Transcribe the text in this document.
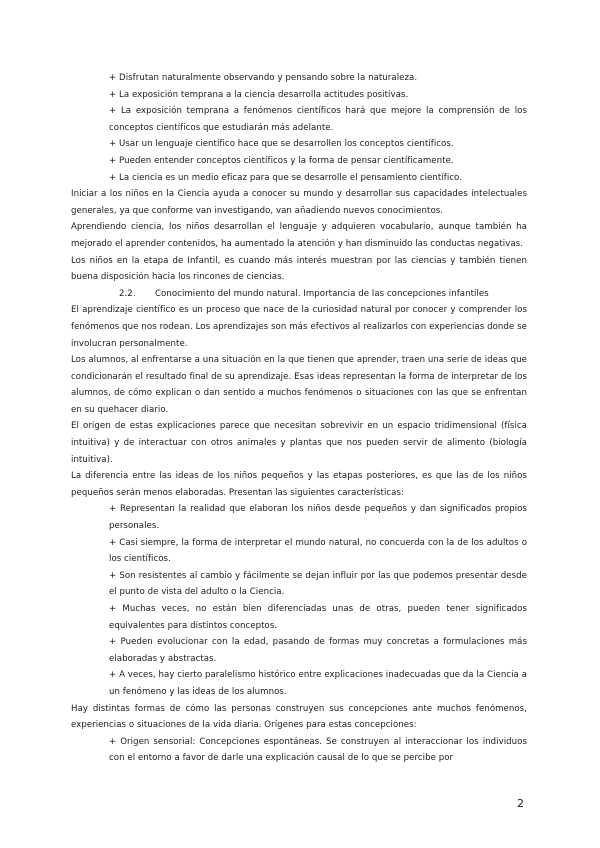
+ Disfrutan naturalmente observando y pensando sobre la naturaleza.

+ La exposición temprana a la ciencia desarrolla actitudes positivas.

+ La exposición temprana a fenómenos científicos hará que mejore la comprensión de los conceptos científicos que estudiarán más adelante.

+ Usar un lenguaje científico hace que se desarrollen los conceptos científicos.

+ Pueden entender conceptos científicos y la forma de pensar científicamente.

+ La ciencia es un medio eficaz para que se desarrolle el pensamiento científico.

Iniciar a los niños en la Ciencia ayuda a conocer su mundo y desarrollar sus capacidades intelectuales generales, ya que conforme van investigando, van añadiendo nuevos conocimientos.

Aprendiendo ciencia, los niños desarrollan el lenguaje y adquieren vocabulario, aunque también ha mejorado el aprender contenidos, ha aumentado la atención y han disminuido las conductas negativas.

Los niños en la etapa de Infantil, es cuando más interés muestran por las ciencias y también tienen buena disposición hacia los rincones de ciencias.

2.2. Conocimiento del mundo natural. Importancia de las concepciones infantiles

El aprendizaje científico es un proceso que nace de la curiosidad natural por conocer y comprender los fenómenos que nos rodean. Los aprendizajes son más efectivos al realizarlos con experiencias donde se involucran personalmente.

Los alumnos, al enfrentarse a una situación en la que tienen que aprender, traen una serie de ideas que condicionarán el resultado final de su aprendizaje. Esas ideas representan la forma de interpretar de los alumnos, de cómo explican o dan sentido a muchos fenómenos o situaciones con las que se enfrentan en su quehacer diario.

El origen de estas explicaciones parece que necesitan sobrevivir en un espacio tridimensional (física intuitiva) y de interactuar con otros animales y plantas que nos pueden servir de alimento (biología intuitiva).

La diferencia entre las ideas de los niños pequeños y las etapas posteriores, es que las de los niños pequeños serán menos elaboradas. Presentan las siguientes características:

+ Representan la realidad que elaboran los niños desde pequeños y dan significados propios personales.

+ Casi siempre, la forma de interpretar el mundo natural, no concuerda con la de los adultos o los científicos.

+ Son resistentes al cambio y fácilmente se dejan influir por las que podemos presentar desde el punto de vista del adulto o la Ciencia.

+ Muchas veces, no están bien diferenciadas unas de otras, pueden tener significados equivalentes para distintos conceptos.

+ Pueden evolucionar con la edad, pasando de formas muy concretas a formulaciones más elaboradas y abstractas.

+ A veces, hay cierto paralelismo histórico entre explicaciones inadecuadas que da la Ciencia a un fenómeno y las ideas de los alumnos.

Hay distintas formas de cómo las personas construyen sus concepciones ante muchos fenómenos, experiencias o situaciones de la vida diaria. Orígenes para estas concepciones:

+ Origen sensorial: Concepciones espontáneas. Se construyen al interaccionar los individuos con el entorno a favor de darle una explicación causal de lo que se percibe por

2
